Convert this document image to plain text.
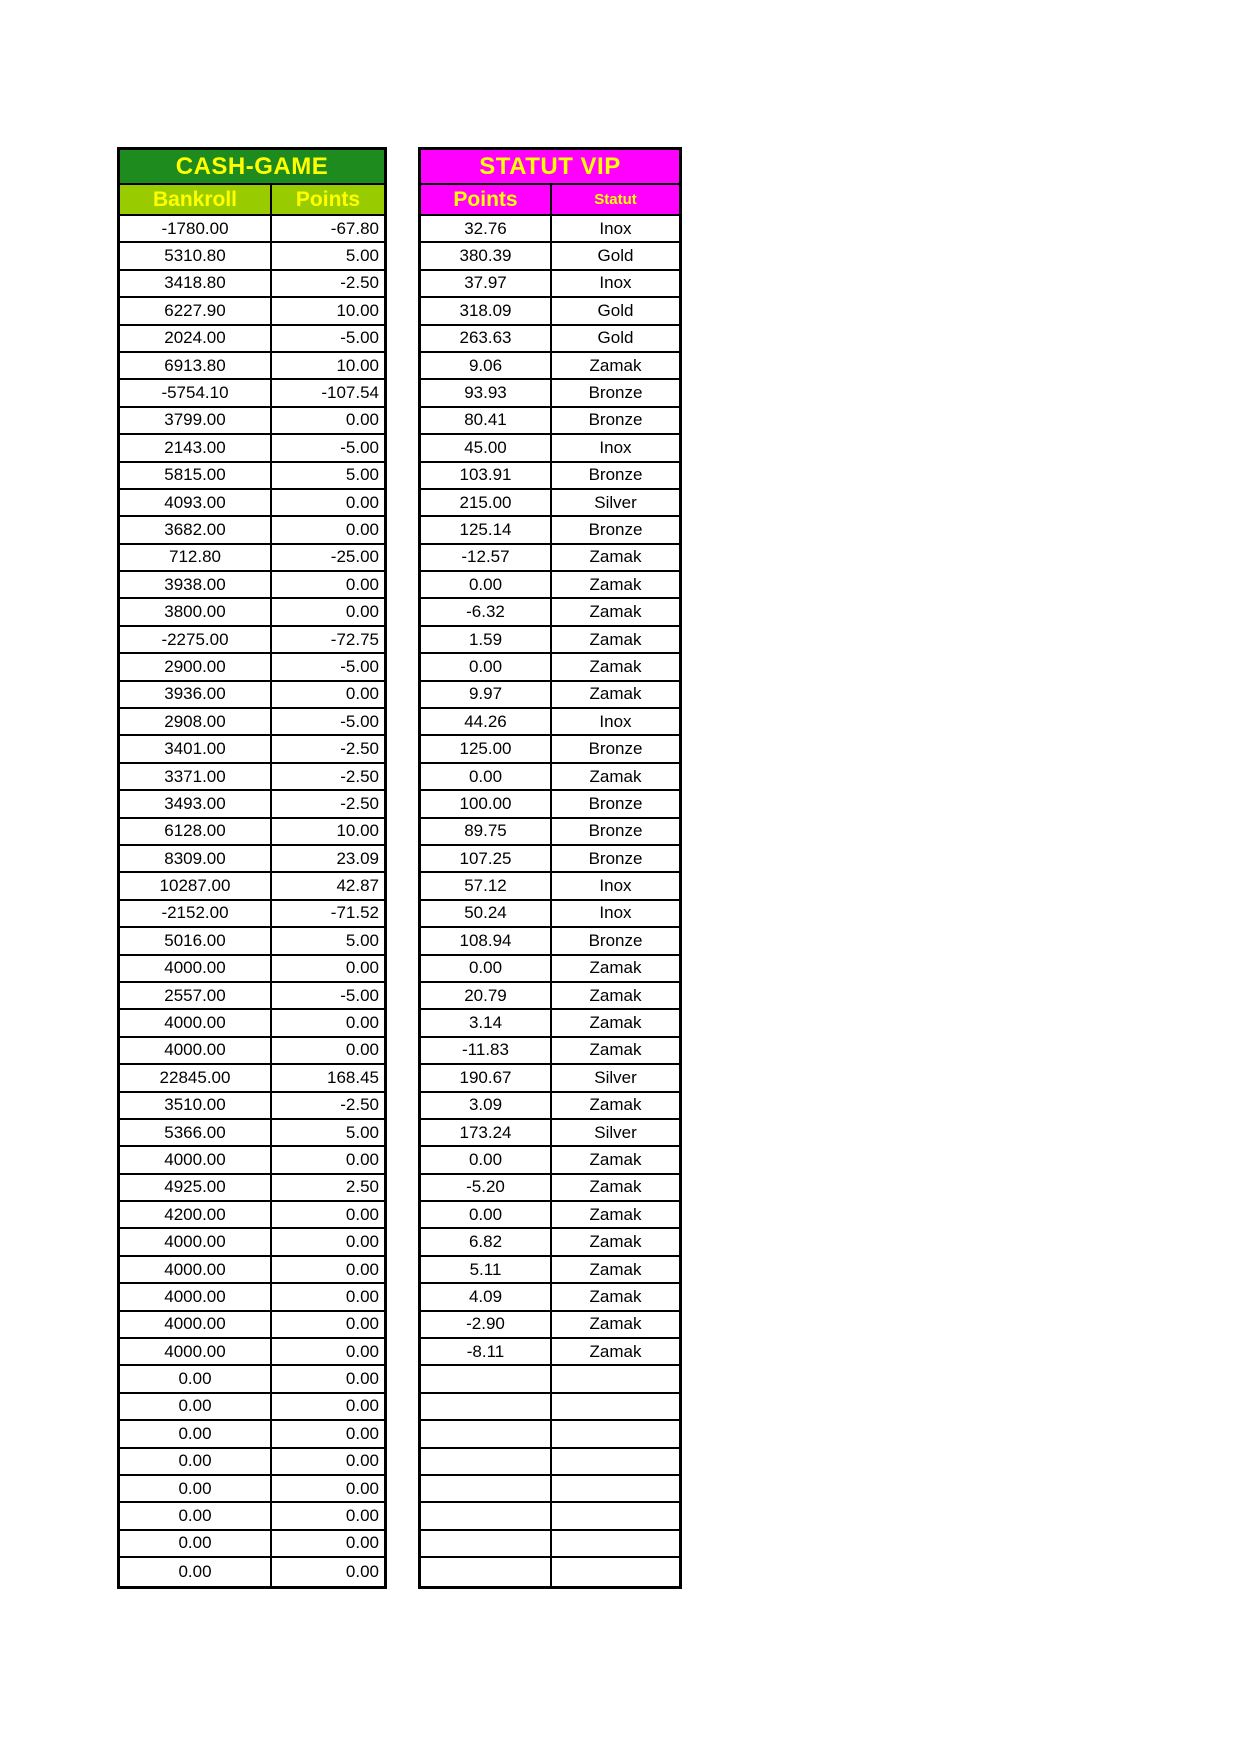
CASH-GAME
Bankroll	Points
-1780.00	-67.80
5310.80	5.00
3418.80	-2.50
6227.90	10.00
2024.00	-5.00
6913.80	10.00
-5754.10	-107.54
3799.00	0.00
2143.00	-5.00
5815.00	5.00
4093.00	0.00
3682.00	0.00
712.80	-25.00
3938.00	0.00
3800.00	0.00
-2275.00	-72.75
2900.00	-5.00
3936.00	0.00
2908.00	-5.00
3401.00	-2.50
3371.00	-2.50
3493.00	-2.50
6128.00	10.00
8309.00	23.09
10287.00	42.87
-2152.00	-71.52
5016.00	5.00
4000.00	0.00
2557.00	-5.00
4000.00	0.00
4000.00	0.00
22845.00	168.45
3510.00	-2.50
5366.00	5.00
4000.00	0.00
4925.00	2.50
4200.00	0.00
4000.00	0.00
4000.00	0.00
4000.00	0.00
4000.00	0.00
4000.00	0.00
0.00	0.00
0.00	0.00
0.00	0.00
0.00	0.00
0.00	0.00
0.00	0.00
0.00	0.00
0.00	0.00
STATUT VIP
Points	Statut
32.76	Inox
380.39	Gold
37.97	Inox
318.09	Gold
263.63	Gold
9.06	Zamak
93.93	Bronze
80.41	Bronze
45.00	Inox
103.91	Bronze
215.00	Silver
125.14	Bronze
-12.57	Zamak
0.00	Zamak
-6.32	Zamak
1.59	Zamak
0.00	Zamak
9.97	Zamak
44.26	Inox
125.00	Bronze
0.00	Zamak
100.00	Bronze
89.75	Bronze
107.25	Bronze
57.12	Inox
50.24	Inox
108.94	Bronze
0.00	Zamak
20.79	Zamak
3.14	Zamak
-11.83	Zamak
190.67	Silver
3.09	Zamak
173.24	Silver
0.00	Zamak
-5.20	Zamak
0.00	Zamak
6.82	Zamak
5.11	Zamak
4.09	Zamak
-2.90	Zamak
-8.11	Zamak
